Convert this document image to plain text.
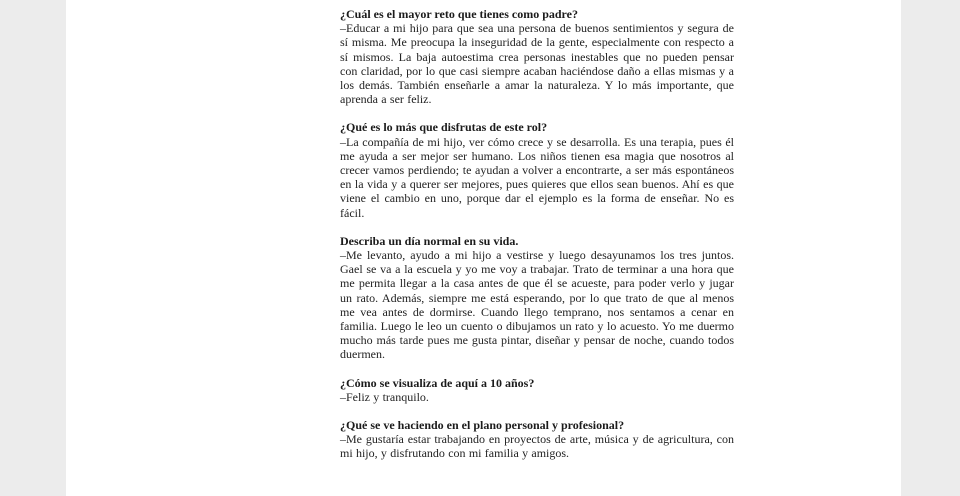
¿Cuál es el mayor reto que tienes como padre?

–Educar a mi hijo para que sea una persona de buenos sentimientos y segura de sí misma. Me preocupa la inseguridad de la gente, especialmente con respecto a sí mismos. La baja autoestima crea personas inestables que no pueden pensar con claridad, por lo que casi siempre acaban haciéndose daño a ellas mismas y a los demás. También enseñarle a amar la naturaleza. Y lo más importante, que aprenda a ser feliz.

¿Qué es lo más que disfrutas de este rol?

–La compañía de mi hijo, ver cómo crece y se desarrolla. Es una terapia, pues él me ayuda a ser mejor ser humano. Los niños tienen esa magia que nosotros al crecer vamos perdiendo; te ayudan a volver a encontrarte, a ser más espontáneos en la vida y a querer ser mejores, pues quieres que ellos sean buenos. Ahí es que viene el cambio en uno, porque dar el ejemplo es la forma de enseñar. No es fácil.

Describa un día normal en su vida.

–Me levanto, ayudo a mi hijo a vestirse y luego desayunamos los tres juntos. Gael se va a la escuela y yo me voy a trabajar. Trato de terminar a una hora que me permita llegar a la casa antes de que él se acueste, para poder verlo y jugar un rato. Además, siempre me está esperando, por lo que trato de que al menos me vea antes de dormirse. Cuando llego temprano, nos sentamos a cenar en familia. Luego le leo un cuento o dibujamos un rato y lo acuesto. Yo me duermo mucho más tarde pues me gusta pintar, diseñar y pensar de noche, cuando todos duermen.

¿Cómo se visualiza de aquí a 10 años?

–Feliz y tranquilo.

¿Qué se ve haciendo en el plano personal y profesional?

–Me gustaría estar trabajando en proyectos de arte, música y de agricultura, con mi hijo, y disfrutando con mi familia y amigos.
